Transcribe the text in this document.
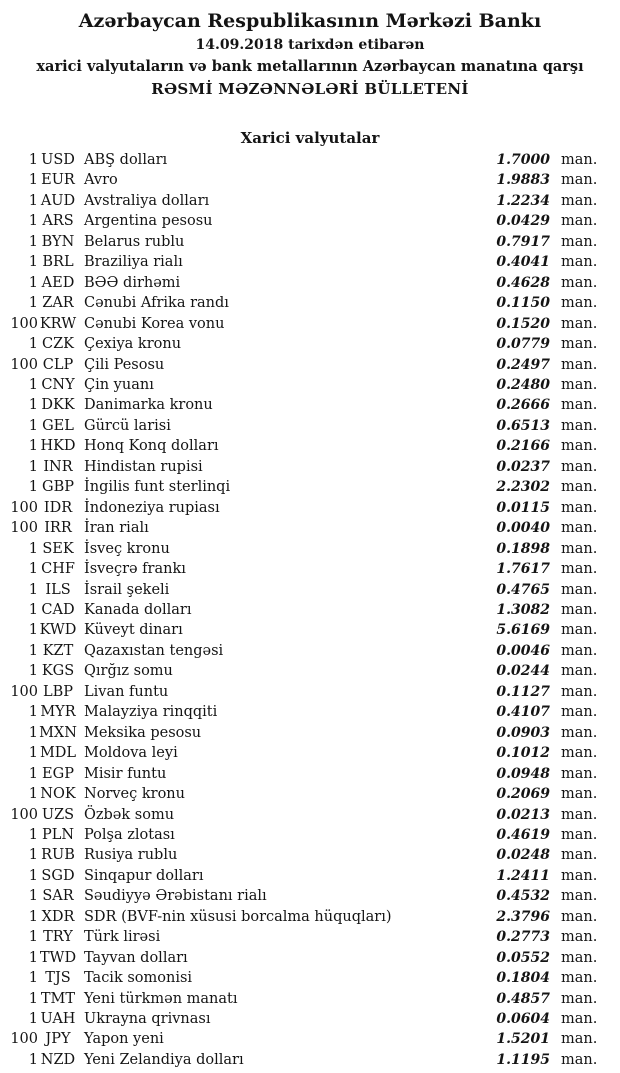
Azərbaycan Respublikasının Mərkəzi Bankı
14.09.2018 tarixdən etibarən
xarici valyutaların və bank metallarının Azərbaycan manatına qarşı
RƏSMİ MƏZƏNNƏLƏRİ BÜLLETENİ
Xarici valyutalar
1 USD ABŞ dolları	1.7000 man.
1 EUR Avro	1.9883 man.
1 AUD Avstraliya dolları	1.2234 man.
1 ARS Argentina pesosu	0.0429 man.
1 BYN Belarus rublu	0.7917 man.
1 BRL Braziliya rialı	0.4041 man.
1 AED BƏƏ dirhəmi	0.4628 man.
1 ZAR Cənubi Afrika randı	0.1150 man.
100 KRW Cənubi Korea vonu	0.1520 man.
1 CZK Çexiya kronu	0.0779 man.
100 CLP Çili Pesosu	0.2497 man.
1 CNY Çin yuanı	0.2480 man.
1 DKK Danimarka kronu	0.2666 man.
1 GEL Gürcü larisi	0.6513 man.
1 HKD Honq Konq dolları	0.2166 man.
1 INR Hindistan rupisi	0.0237 man.
1 GBP İngilis funt sterlinqi	2.2302 man.
100 IDR İndoneziya rupiası	0.0115 man.
100 IRR İran rialı	0.0040 man.
1 SEK İsveç kronu	0.1898 man.
1 CHF İsveçrə frankı	1.7617 man.
1 ILS İsrail şekeli	0.4765 man.
1 CAD Kanada dolları	1.3082 man.
1 KWD Küveyt dinarı	5.6169 man.
1 KZT Qazaxıstan tengəsi	0.0046 man.
1 KGS Qırğız somu	0.0244 man.
100 LBP Livan funtu	0.1127 man.
1 MYR Malayziya rinqqiti	0.4107 man.
1 MXN Meksika pesosu	0.0903 man.
1 MDL Moldova leyi	0.1012 man.
1 EGP Misir funtu	0.0948 man.
1 NOK Norveç kronu	0.2069 man.
100 UZS Özbək somu	0.0213 man.
1 PLN Polşa zlotası	0.4619 man.
1 RUB Rusiya rublu	0.0248 man.
1 SGD Sinqapur dolları	1.2411 man.
1 SAR Səudiyyə Ərəbistanı rialı	0.4532 man.
1 XDR SDR (BVF-nin xüsusi borcalma hüquqları)	2.3796 man.
1 TRY Türk lirəsi	0.2773 man.
1 TWD Tayvan dolları	0.0552 man.
1 TJS Tacik somonisi	0.1804 man.
1 TMT Yeni türkmən manatı	0.4857 man.
1 UAH Ukrayna qrivnası	0.0604 man.
100 JPY Yapon yeni	1.5201 man.
1 NZD Yeni Zelandiya dolları	1.1195 man.
